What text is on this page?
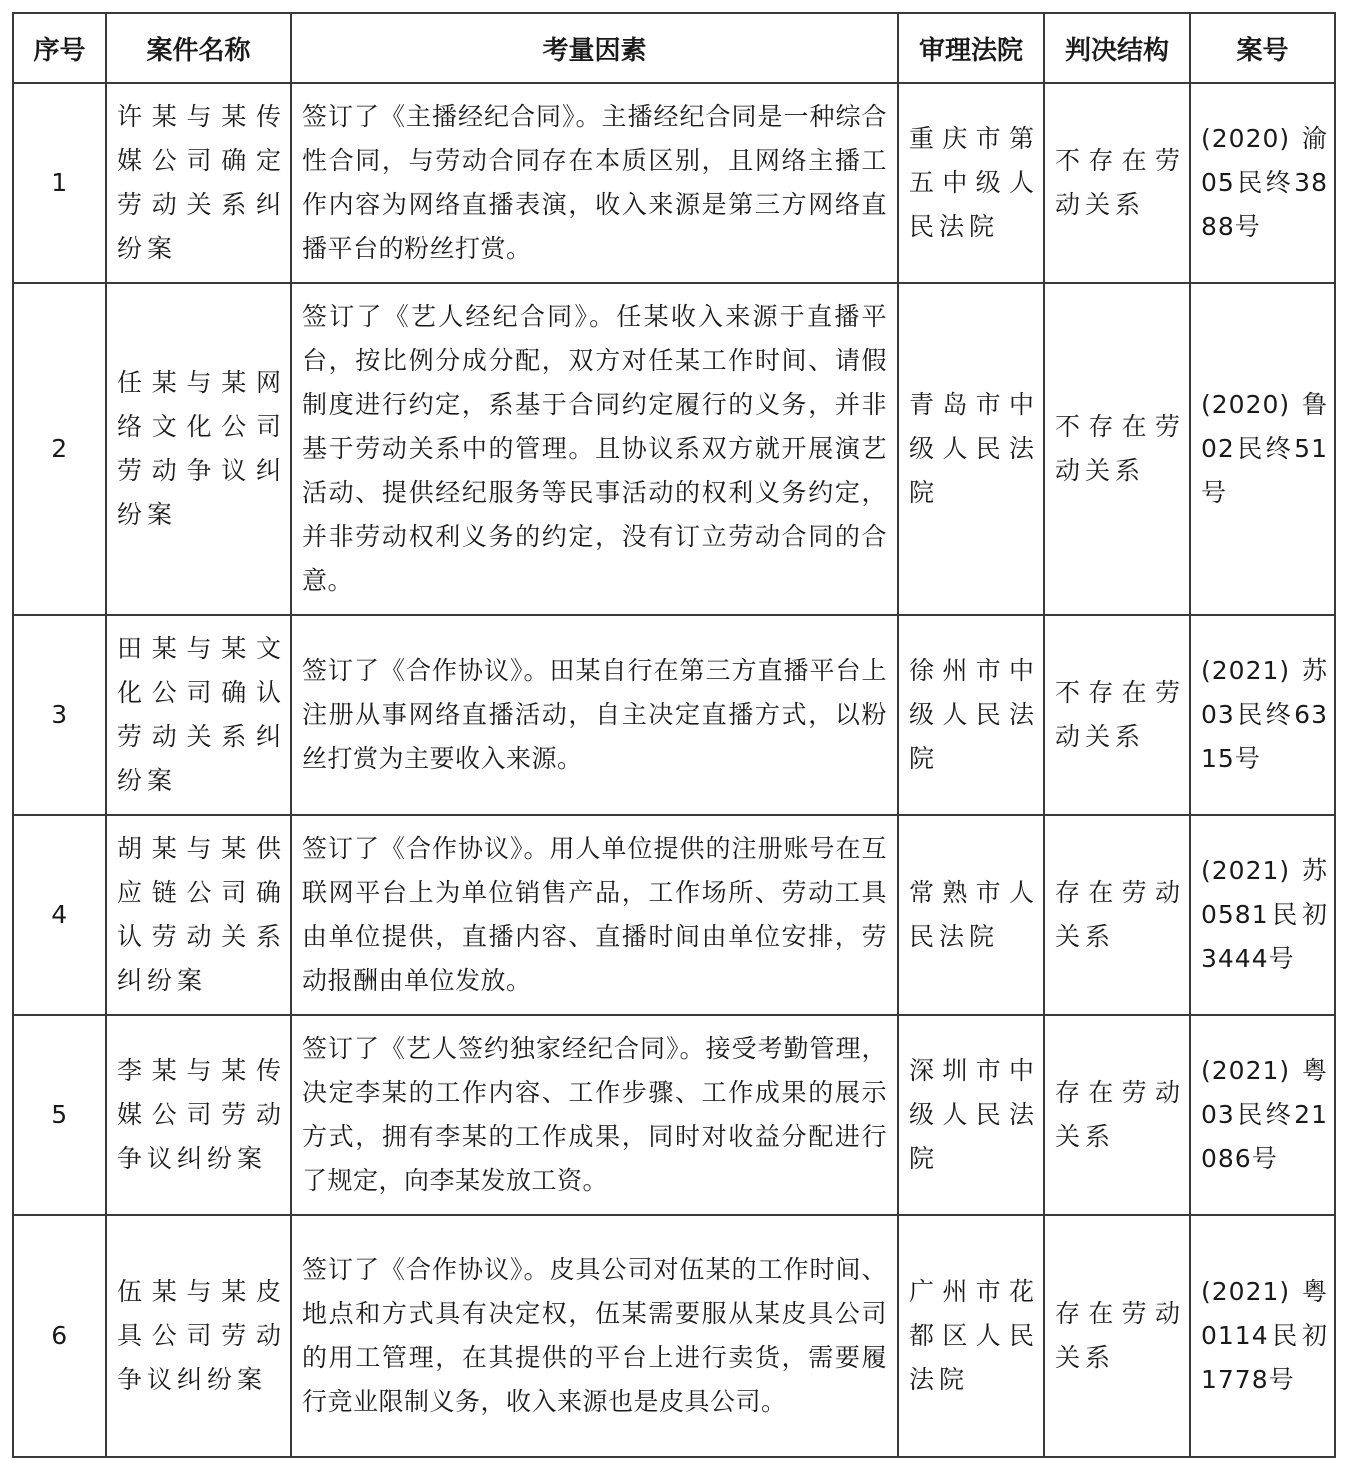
序号	案件名称	考量因素	审理法院	判决结构	案号
1	许某与某传媒公司确定劳动关系纠纷案	签订了《主播经纪合同》。主播经纪合同是一种综合性合同，与劳动合同存在本质区别，且网络主播工作内容为网络直播表演，收入来源是第三方网络直播平台的粉丝打赏。	重庆市第五中级人民法院	不存在劳动关系	(2020) 渝05民终3888号
2	任某与某网络文化公司劳动争议纠纷案	签订了《艺人经纪合同》。任某收入来源于直播平台，按比例分成分配，双方对任某工作时间、请假制度进行约定，系基于合同约定履行的义务，并非基于劳动关系中的管理。且协议系双方就开展演艺活动、提供经纪服务等民事活动的权利义务约定，并非劳动权利义务的约定，没有订立劳动合同的合意。	青岛市中级人民法院	不存在劳动关系	(2020) 鲁02民终51号
3	田某与某文化公司确认劳动关系纠纷案	签订了《合作协议》。田某自行在第三方直播平台上注册从事网络直播活动，自主决定直播方式，以粉丝打赏为主要收入来源。	徐州市中级人民法院	不存在劳动关系	(2021) 苏03民终6315号
4	胡某与某供应链公司确认劳动关系纠纷案	签订了《合作协议》。用人单位提供的注册账号在互联网平台上为单位销售产品，工作场所、劳动工具由单位提供，直播内容、直播时间由单位安排，劳动报酬由单位发放。	常熟市人民法院	存在劳动关系	(2021) 苏0581民初3444号
5	李某与某传媒公司劳动争议纠纷案	签订了《艺人签约独家经纪合同》。接受考勤管理，决定李某的工作内容、工作步骤、工作成果的展示方式，拥有李某的工作成果，同时对收益分配进行了规定，向李某发放工资。	深圳市中级人民法院	存在劳动关系	(2021) 粤03民终21086号
6	伍某与某皮具公司劳动争议纠纷案	签订了《合作协议》。皮具公司对伍某的工作时间、地点和方式具有决定权，伍某需要服从某皮具公司的用工管理，在其提供的平台上进行卖货，需要履行竞业限制义务，收入来源也是皮具公司。	广州市花都区人民法院	存在劳动关系	(2021) 粤0114民初1778号
